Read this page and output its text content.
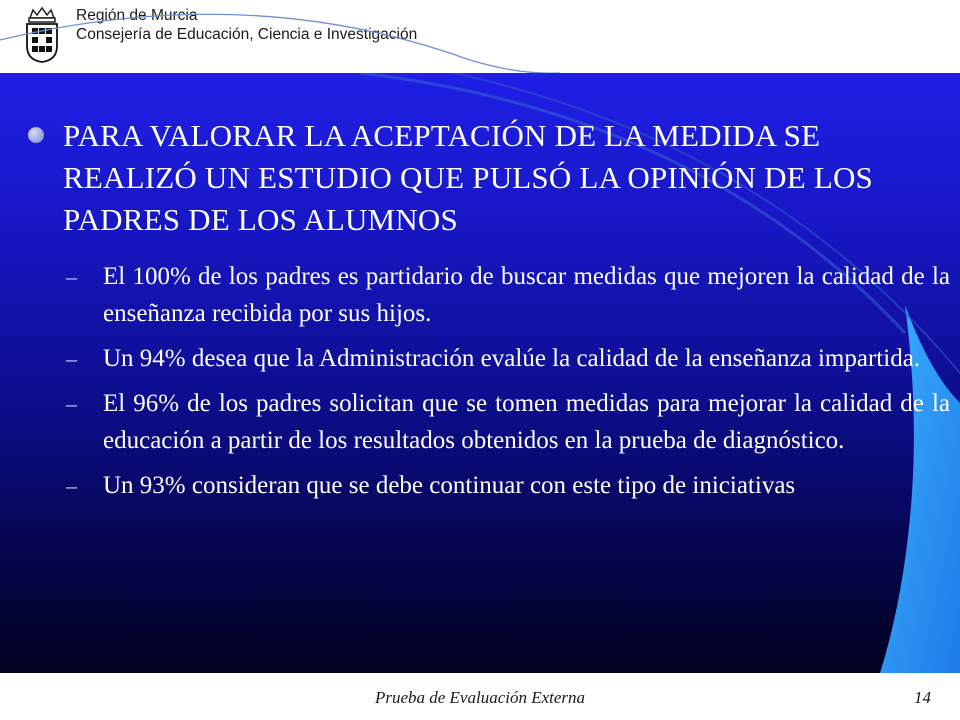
Región de Murcia
Consejería de Educación, Ciencia e Investigación
PARA VALORAR LA ACEPTACIÓN DE LA MEDIDA SE REALIZÓ UN ESTUDIO QUE PULSÓ LA OPINIÓN DE LOS PADRES DE LOS ALUMNOS
– El 100% de los padres es partidario de buscar medidas que mejoren la calidad de la enseñanza recibida por sus hijos.
– Un 94% desea que la Administración evalúe la calidad de la enseñanza impartida.
– El 96% de los padres solicitan que se tomen medidas para mejorar la calidad de la educación a partir de los resultados obtenidos en la prueba de diagnóstico.
– Un 93% consideran que se debe continuar con este tipo de iniciativas
Prueba de Evaluación Externa	14
